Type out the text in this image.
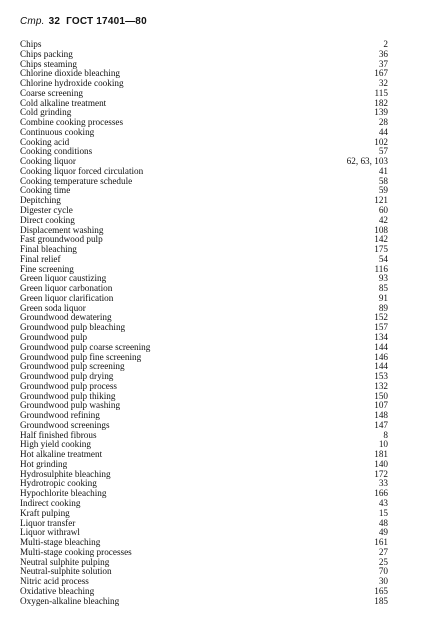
Стр. 32 ГОСТ 17401—80
Chips	2
Chips packing	36
Chips steaming	37
Chlorine dioxide bleaching	167
Chlorine hydroxide cooking	32
Coarse screening	115
Cold alkaline treatment	182
Cold grinding	139
Combine cooking processes	28
Continuous cooking	44
Cooking acid	102
Cooking conditions	57
Cooking liquor	62, 63, 103
Cooking liquor forced circulation	41
Cooking temperature schedule	58
Cooking time	59
Depitching	121
Digester cycle	60
Direct cooking	42
Displacement washing	108
Fast groundwood pulp	142
Final bleaching	175
Final relief	54
Fine screening	116
Green liquor caustizing	93
Green liquor carbonation	85
Green liquor clarification	91
Green soda liquor	89
Groundwood dewatering	152
Groundwood pulp bleaching	157
Groundwood pulp	134
Groundwood pulp coarse screening	144
Groundwood pulp fine screening	146
Groundwood pulp screening	144
Groundwood pulp drying	153
Groundwood pulp process	132
Groundwood pulp thiking	150
Groundwood pulp washing	107
Groundwood refining	148
Groundwood screenings	147
Half finished fibrous	8
High yield cooking	10
Hot alkaline treatment	181
Hot grinding	140
Hydrosulphite bleaching	172
Hydrotropic cooking	33
Hypochlorite bleaching	166
Indirect cooking	43
Kraft pulping	15
Liquor transfer	48
Liquor withrawl	49
Multi-stage bleaching	161
Multi-stage cooking processes	27
Neutral sulphite pulping	25
Neutral-sulphite solution	70
Nitric acid process	30
Oxidative bleaching	165
Oxygen-alkaline bleaching	185
